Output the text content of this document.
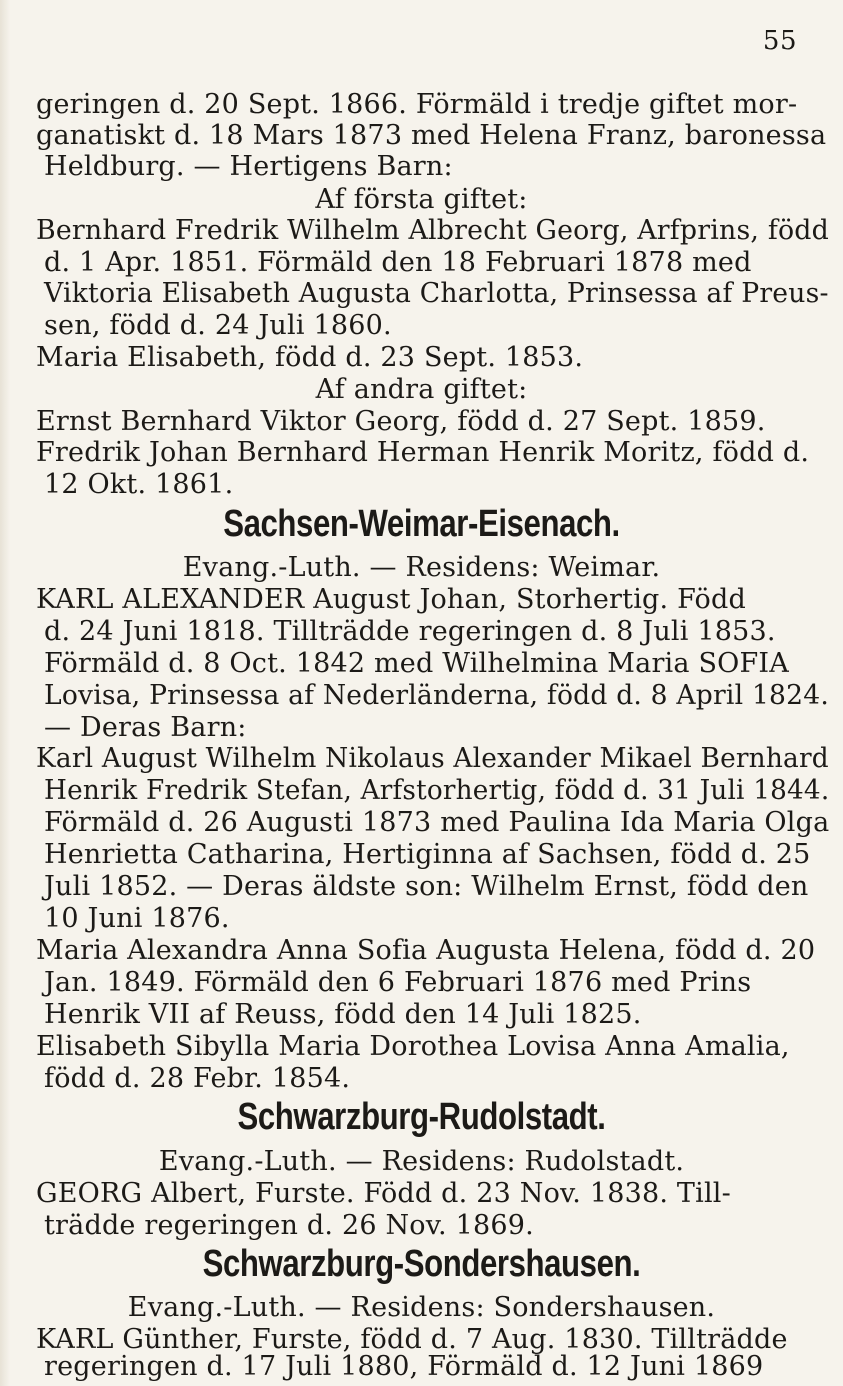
55
geringen d. 20 Sept. 1866. Förmäld i tredje giftet mor-
ganatiskt d. 18 Mars 1873 med Helena Franz, baronessa
Heldburg. — Hertigens Barn:
Af första giftet:
Bernhard Fredrik Wilhelm Albrecht Georg, Arfprins, född
d. 1 Apr. 1851. Förmäld den 18 Februari 1878 med
Viktoria Elisabeth Augusta Charlotta, Prinsessa af Preus-
sen, född d. 24 Juli 1860.
Maria Elisabeth, född d. 23 Sept. 1853.
Af andra giftet:
Ernst Bernhard Viktor Georg, född d. 27 Sept. 1859.
Fredrik Johan Bernhard Herman Henrik Moritz, född d.
12 Okt. 1861.
Sachsen-Weimar-Eisenach.
Evang.-Luth. — Residens: Weimar.
KARL ALEXANDER August Johan, Storhertig. Född
d. 24 Juni 1818. Tillträdde regeringen d. 8 Juli 1853.
Förmäld d. 8 Oct. 1842 med Wilhelmina Maria SOFIA
Lovisa, Prinsessa af Nederländerna, född d. 8 April 1824.
— Deras Barn:
Karl August Wilhelm Nikolaus Alexander Mikael Bernhard
Henrik Fredrik Stefan, Arfstorhertig, född d. 31 Juli 1844.
Förmäld d. 26 Augusti 1873 med Paulina Ida Maria Olga
Henrietta Catharina, Hertiginna af Sachsen, född d. 25
Juli 1852. — Deras äldste son: Wilhelm Ernst, född den
10 Juni 1876.
Maria Alexandra Anna Sofia Augusta Helena, född d. 20
Jan. 1849. Förmäld den 6 Februari 1876 med Prins
Henrik VII af Reuss, född den 14 Juli 1825.
Elisabeth Sibylla Maria Dorothea Lovisa Anna Amalia,
född d. 28 Febr. 1854.
Schwarzburg-Rudolstadt.
Evang.-Luth. — Residens: Rudolstadt.
GEORG Albert, Furste. Född d. 23 Nov. 1838. Till-
trädde regeringen d. 26 Nov. 1869.
Schwarzburg-Sondershausen.
Evang.-Luth. — Residens: Sondershausen.
KARL Günther, Furste, född d. 7 Aug. 1830. Tillträdde
regeringen d. 17 Juli 1880, Förmäld d. 12 Juni 1869
